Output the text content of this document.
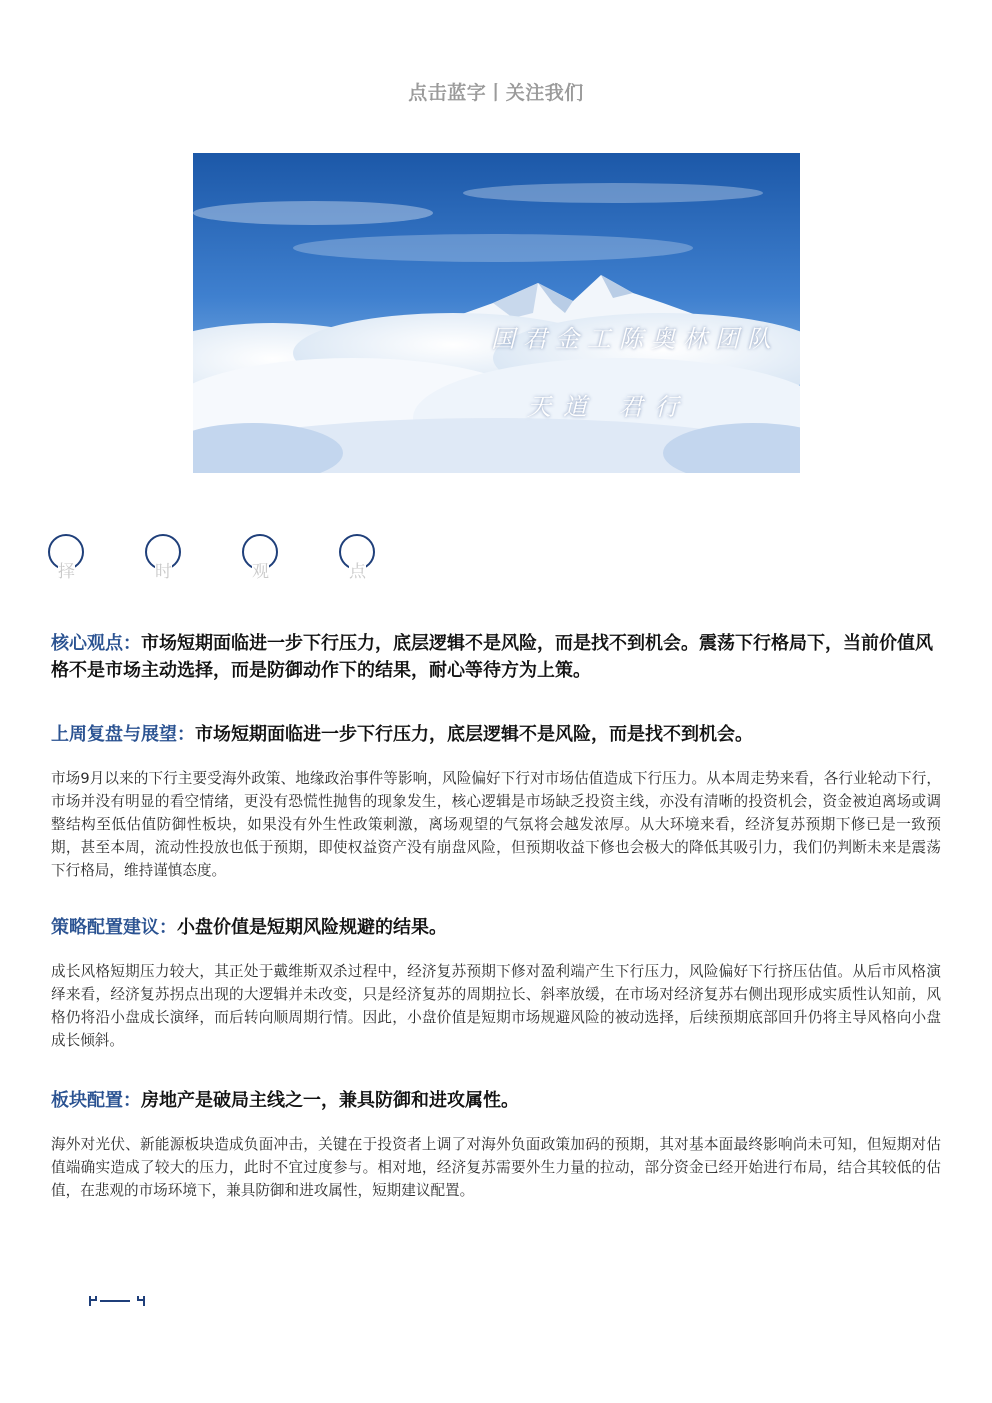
点击蓝字丨关注我们
国君金工陈奥林团队
天道 君行
择	时	观	点
核心观点：市场短期面临进一步下行压力，底层逻辑不是风险，而是找不到机会。震荡下行格局下，当前价值风格不是市场主动选择，而是防御动作下的结果，耐心等待方为上策。
上周复盘与展望：市场短期面临进一步下行压力，底层逻辑不是风险，而是找不到机会。
市场9月以来的下行主要受海外政策、地缘政治事件等影响，风险偏好下行对市场估值造成下行压力。从本周走势来看，各行业轮动下行，市场并没有明显的看空情绪，更没有恐慌性抛售的现象发生，核心逻辑是市场缺乏投资主线，亦没有清晰的投资机会，资金被迫离场或调整结构至低估值防御性板块，如果没有外生性政策刺激，离场观望的气氛将会越发浓厚。从大环境来看，经济复苏预期下修已是一致预期，甚至本周，流动性投放也低于预期，即使权益资产没有崩盘风险，但预期收益下修也会极大的降低其吸引力，我们仍判断未来是震荡下行格局，维持谨慎态度。
策略配置建议：小盘价值是短期风险规避的结果。
成长风格短期压力较大，其正处于戴维斯双杀过程中，经济复苏预期下修对盈利端产生下行压力，风险偏好下行挤压估值。从后市风格演绎来看，经济复苏拐点出现的大逻辑并未改变，只是经济复苏的周期拉长、斜率放缓，在市场对经济复苏右侧出现形成实质性认知前，风格仍将沿小盘成长演绎，而后转向顺周期行情。因此，小盘价值是短期市场规避风险的被动选择，后续预期底部回升仍将主导风格向小盘成长倾斜。
板块配置：房地产是破局主线之一，兼具防御和进攻属性。
海外对光伏、新能源板块造成负面冲击，关键在于投资者上调了对海外负面政策加码的预期，其对基本面最终影响尚未可知，但短期对估值端确实造成了较大的压力，此时不宜过度参与。相对地，经济复苏需要外生力量的拉动，部分资金已经开始进行布局，结合其较低的估值，在悲观的市场环境下，兼具防御和进攻属性，短期建议配置。
